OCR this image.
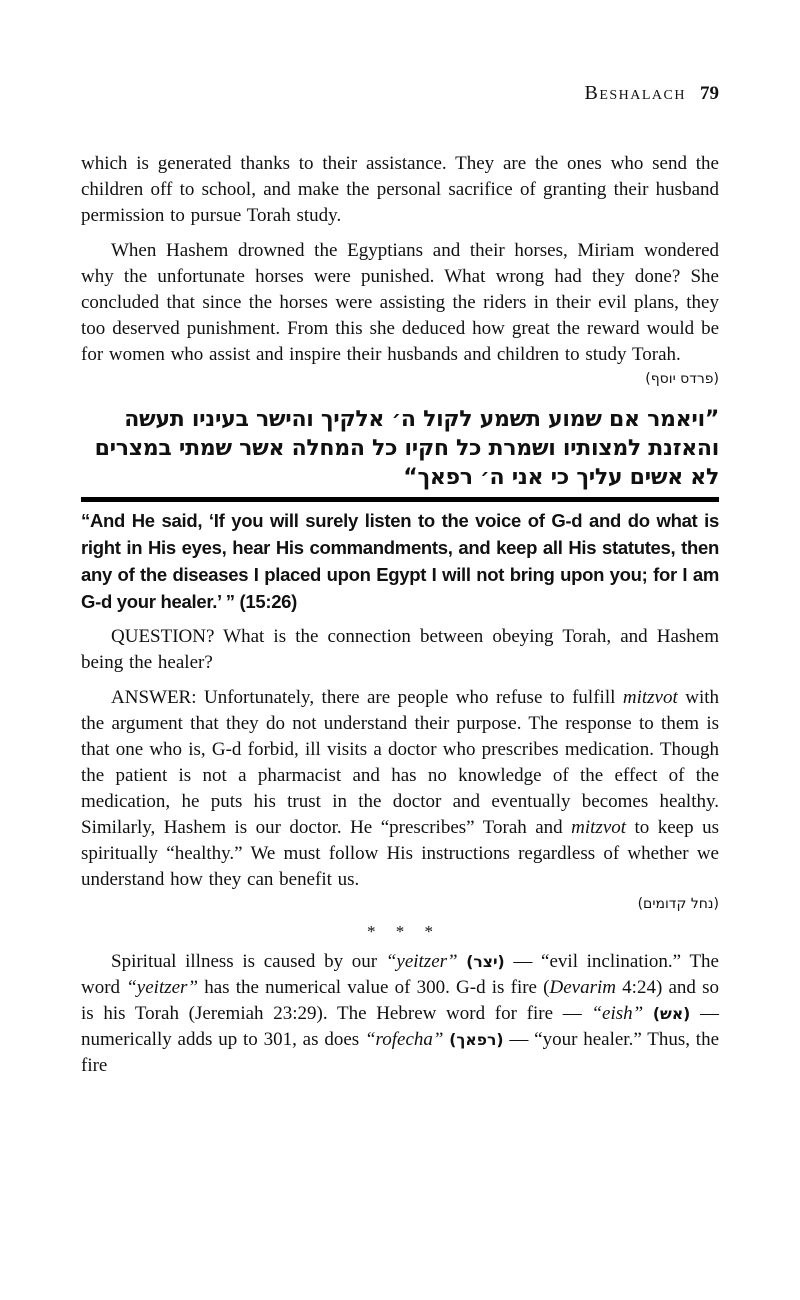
Beshalach 79

which is generated thanks to their assistance. They are the ones who send the children off to school, and make the personal sacrifice of granting their husband permission to pursue Torah study.

When Hashem drowned the Egyptians and their horses, Miriam wondered why the unfortunate horses were punished. What wrong had they done? She concluded that since the horses were assisting the riders in their evil plans, they too deserved punishment. From this she deduced how great the reward would be for women who assist and inspire their husbands and children to study Torah.

(פרדס יוסף)
”ויאמר אם שמוע תשמע לקול ה׳ אלקיך והישר בעיניו תעשה
והאזנת למצותיו ושמרת כל חקיו כל המחלה אשר שמתי במצרים
לא אשים עליך כי אני ה׳ רפאך“

“And He said, ‘If you will surely listen to the voice of G-d and do what is right in His eyes, hear His commandments, and keep all His statutes, then any of the diseases I placed upon Egypt I will not bring upon you; for I am G-d your healer.’ ” (15:26)

QUESTION? What is the connection between obeying Torah, and Hashem being the healer?

ANSWER: Unfortunately, there are people who refuse to fulfill mitzvot with the argument that they do not understand their purpose. The response to them is that one who is, G-d forbid, ill visits a doctor who prescribes medication. Though the patient is not a pharmacist and has no knowledge of the effect of the medication, he puts his trust in the doctor and eventually becomes healthy. Similarly, Hashem is our doctor. He “prescribes” Torah and mitzvot to keep us spiritually “healthy.” We must follow His instructions regardless of whether we understand how they can benefit us.

(נחל קדומים)
* * *

Spiritual illness is caused by our “yeitzer” (יצר) — “evil inclination.” The word “yeitzer” has the numerical value of 300. G-d is fire (Devarim 4:24) and so is his Torah (Jeremiah 23:29). The Hebrew word for fire — “eish” (אש) — numerically adds up to 301, as does “rofecha” (רפאך) — “your healer.” Thus, the fire
